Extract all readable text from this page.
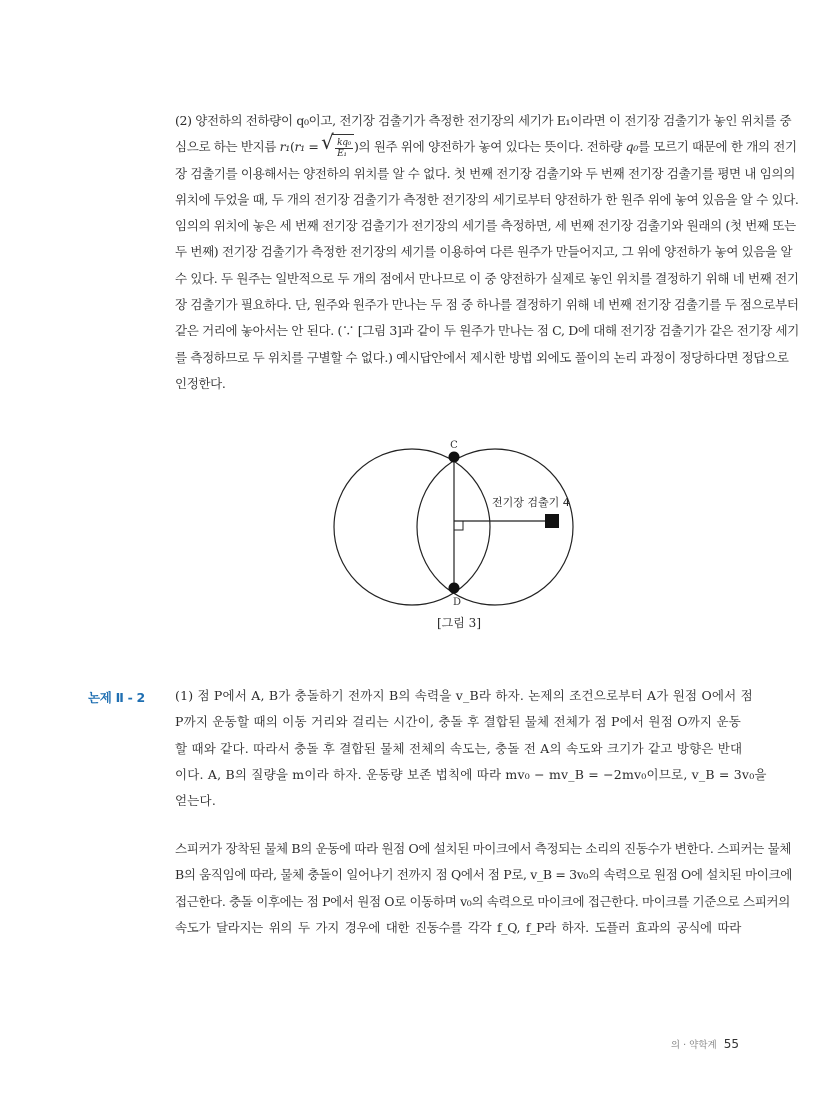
(2) 양전하의 전하량이 q₀이고, 전기장 검출기가 측정한 전기장의 세기가 E₁이라면 이 전기장 검출기가 놓인 위치를 중
심으로 하는 반지름 r₁(r₁ =
√ $\frac{\text{kq₀}}{\text{E₁}}$ )의 원주 위에 양전하가 놓여 있다는 뜻이다. 전하량 q₀를 모르기 때문에 한 개의 전기
장 검출기를 이용해서는 양전하의 위치를 알 수 없다. 첫 번째 전기장 검출기와 두 번째 전기장 검출기를 평면 내 임의의
위치에 두었을 때, 두 개의 전기장 검출기가 측정한 전기장의 세기로부터 양전하가 한 원주 위에 놓여 있음을 알 수 있다.
임의의 위치에 놓은 세 번째 전기장 검출기가 전기장의 세기를 측정하면, 세 번째 전기장 검출기와 원래의 (첫 번째 또는
두 번째) 전기장 검출기가 측정한 전기장의 세기를 이용하여 다른 원주가 만들어지고, 그 위에 양전하가 놓여 있음을 알
수 있다. 두 원주는 일반적으로 두 개의 점에서 만나므로 이 중 양전하가 실제로 놓인 위치를 결정하기 위해 네 번째 전기
장 검출기가 필요하다. 단, 원주와 원주가 만나는 두 점 중 하나를 결정하기 위해 네 번째 전기장 검출기를 두 점으로부터
같은 거리에 놓아서는 안 된다. (∵ [그림 3]과 같이 두 원주가 만나는 점 C, D에 대해 전기장 검출기가 같은 전기장 세기
를 측정하므로 두 위치를 구별할 수 없다.) 예시답안에서 제시한 방법 외에도 풀이의 논리 과정이 정당하다면 정답으로
인정한다.
C
D
전기장 검출기 4
[그림 3]
논제 Ⅱ - 2 (1) 점 P에서 A, B가 충돌하기 전까지 B의 속력을 v_B라 하자. 논제의 조건으로부터 A가 원점 O에서 점
P까지 운동할 때의 이동 거리와 걸리는 시간이, 충돌 후 결합된 물체 전체가 점 P에서 원점 O까지 운동
할 때와 같다. 따라서 충돌 후 결합된 물체 전체의 속도는, 충돌 전 A의 속도와 크기가 같고 방향은 반대
이다. A, B의 질량을 m이라 하자. 운동량 보존 법칙에 따라 mv₀ − mv_B = −2mv₀이므로, v_B = 3v₀을
얻는다.
스피커가 장착된 물체 B의 운동에 따라 원점 O에 설치된 마이크에서 측정되는 소리의 진동수가 변한다. 스피커는 물체
B의 움직임에 따라, 물체 충돌이 일어나기 전까지 점 Q에서 점 P로, v_B = 3v₀의 속력으로 원점 O에 설치된 마이크에
접근한다. 충돌 이후에는 점 P에서 원점 O로 이동하며 v₀의 속력으로 마이크에 접근한다. 마이크를 기준으로 스피커의
속도가 달라지는 위의 두 가지 경우에 대한 진동수를 각각 f_Q, f_P라 하자. 도플러 효과의 공식에 따라
의 · 약학계 55
